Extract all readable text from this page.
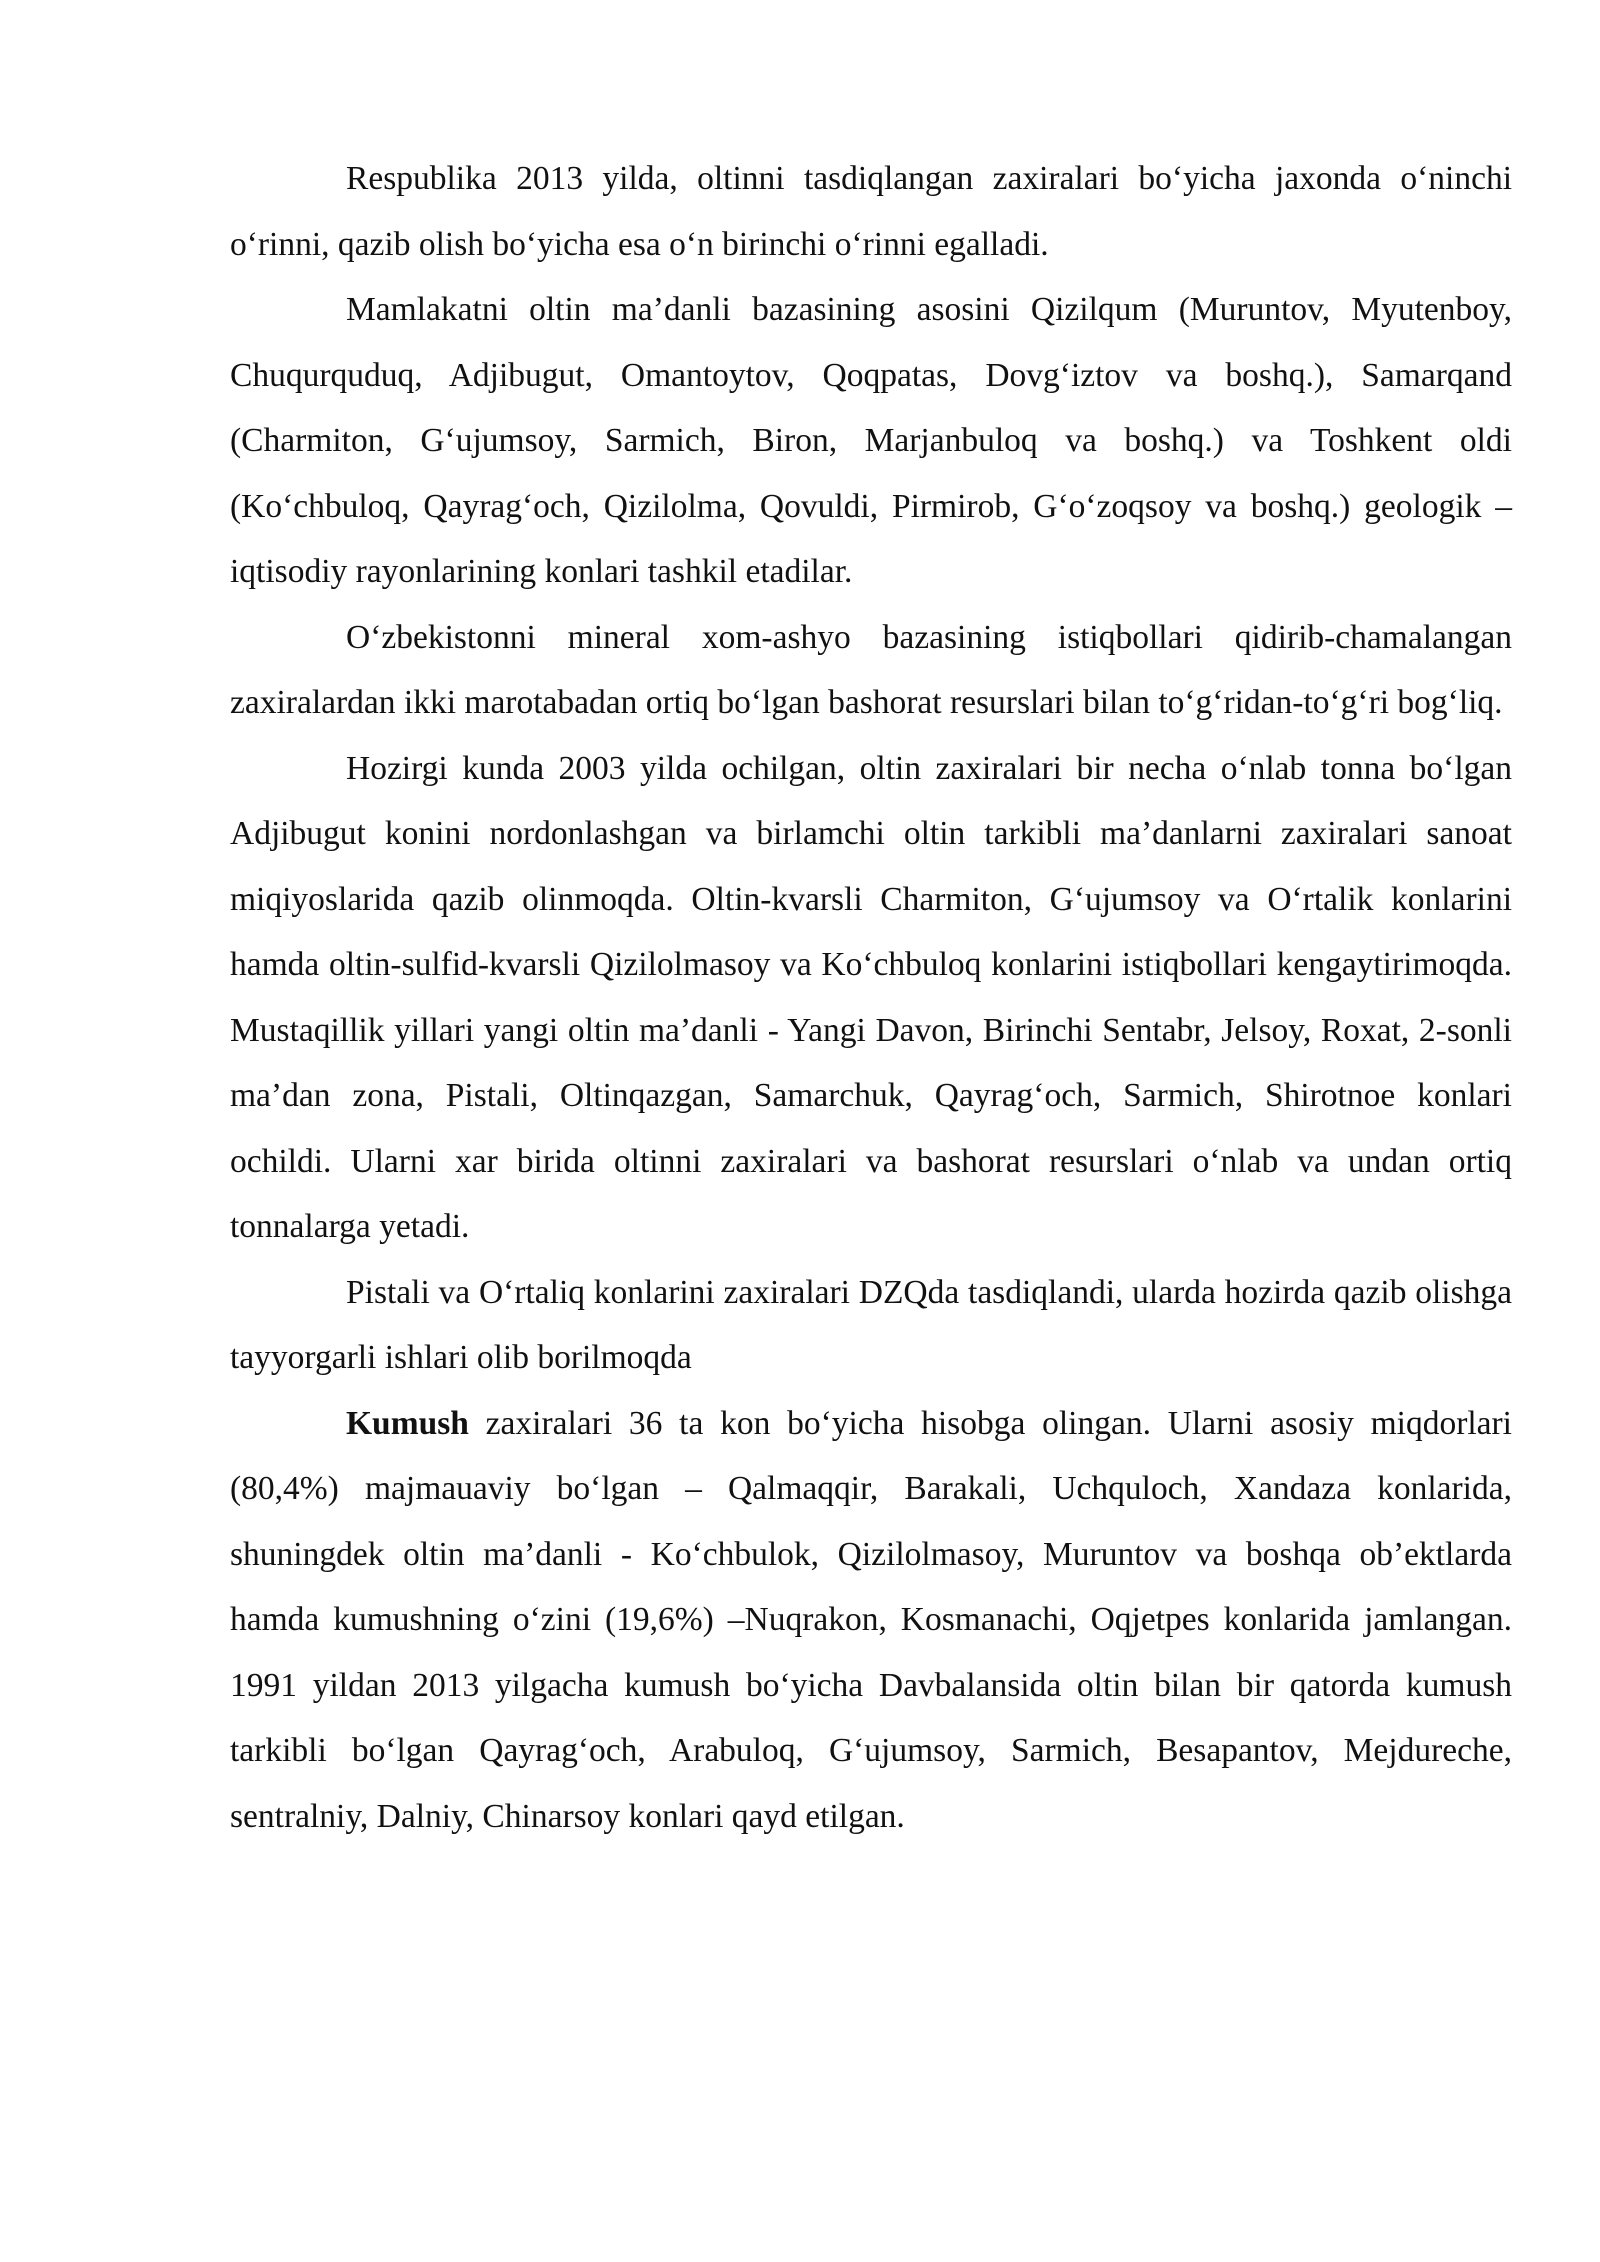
Respublika 2013 yilda, oltinni tasdiqlangan zaxiralari bo‘yicha jaxonda o‘ninchi o‘rinni, qazib olish bo‘yicha esa o‘n birinchi o‘rinni egalladi.

Mamlakatni oltin ma’danli bazasining asosini Qizilqum (Muruntov, Myutenboy, Chuqurquduq, Adjibugut, Omantoytov, Qoqpatas, Dovg‘iztov va boshq.), Samarqand (Charmiton, G‘ujumsoy, Sarmich, Biron, Marjanbuloq va boshq.) va Toshkent oldi (Ko‘chbuloq, Qayrag‘och, Qizilolma, Qovuldi, Pirmirob, G‘o‘zoqsoy va boshq.) geologik –iqtisodiy rayonlarining konlari tashkil etadilar.

O‘zbekistonni mineral xom-ashyo bazasining istiqbollari qidirib-chamalangan zaxiralardan ikki marotabadan ortiq bo‘lgan bashorat resurslari bilan to‘g‘ridan-to‘g‘ri bog‘liq.

Hozirgi kunda 2003 yilda ochilgan, oltin zaxiralari bir necha o‘nlab tonna bo‘lgan Adjibugut konini nordonlashgan va birlamchi oltin tarkibli ma’danlarni zaxiralari sanoat miqiyoslarida qazib olinmoqda. Oltin-kvarsli Charmiton, G‘ujumsoy va O‘rtalik konlarini hamda oltin-sulfid-kvarsli Qizilolmasoy va Ko‘chbuloq konlarini istiqbollari kengaytirimoqda. Mustaqillik yillari yangi oltin ma’danli - Yangi Davon, Birinchi Sentabr, Jelsoy, Roxat, 2-sonli ma’dan zona, Pistali, Oltinqazgan, Samarchuk, Qayrag‘och, Sarmich, Shirotnoe konlari ochildi. Ularni xar birida oltinni zaxiralari va bashorat resurslari o‘nlab va undan ortiq tonnalarga yetadi.

Pistali va O‘rtaliq konlarini zaxiralari DZQda tasdiqlandi, ularda hozirda qazib olishga tayyorgarli ishlari olib borilmoqda

Kumush zaxiralari 36 ta kon bo‘yicha hisobga olingan. Ularni asosiy miqdorlari (80,4%) majmauaviy bo‘lgan – Qalmaqqir, Barakali, Uchquloch, Xandaza konlarida, shuningdek oltin ma’danli - Ko‘chbulok, Qizilolmasoy, Muruntov va boshqa ob’ektlarda hamda kumushning o‘zini (19,6%) –Nuqrakon, Kosmanachi, Oqjetpes konlarida jamlangan. 1991 yildan 2013 yilgacha kumush bo‘yicha Davbalansida oltin bilan bir qatorda kumush tarkibli bo‘lgan Qayrag‘och, Arabuloq, G‘ujumsoy, Sarmich, Besapantov, Mejdureche, sentralniy, Dalniy, Chinarsoy konlari qayd etilgan.
